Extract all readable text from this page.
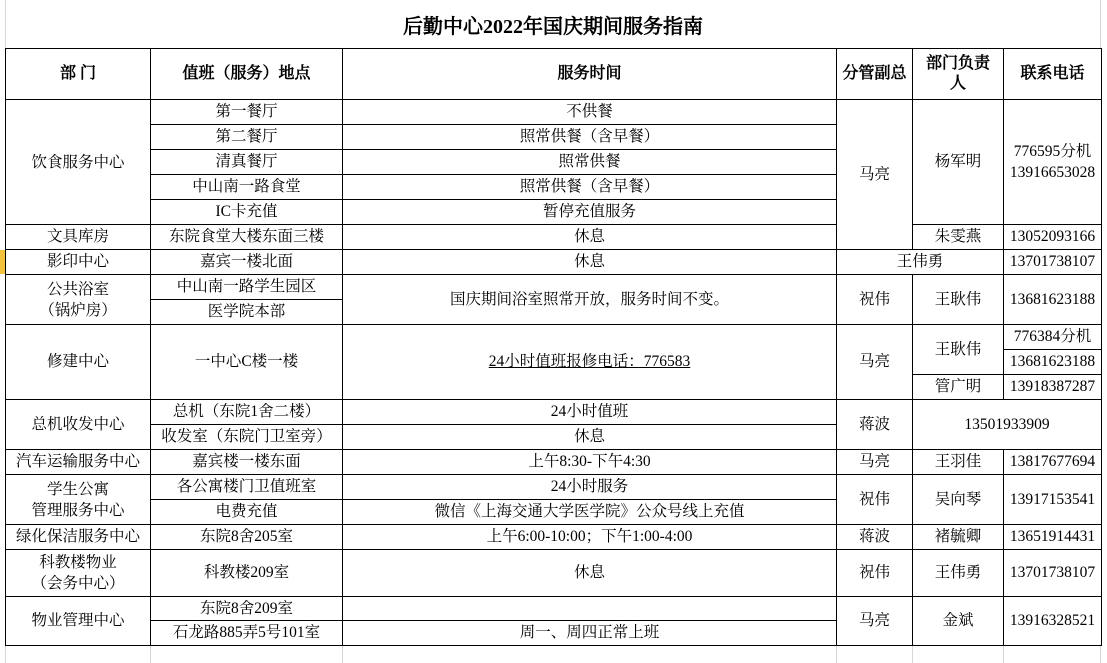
后勤中心2022年国庆期间服务指南
部 门	值班（服务）地点	服务时间	分管副总	部门负责人	联系电话
饮食服务中心	第一餐厅	不供餐	马亮	杨军明	776595分机
13916653028

	第二餐厅	照常供餐（含早餐）			
	清真餐厅	照常供餐			
	中山南一路食堂	照常供餐（含早餐）			
	IC卡充值	暂停充值服务			
文具库房	东院食堂大楼东面三楼	休息		朱雯燕	13052093166
影印中心	嘉宾一楼北面	休息	王伟勇		13701738107
公共浴室
（锅炉房）	中山南一路学生园区	国庆期间浴室照常开放，服务时间不变。	祝伟	王耿伟	13681623188
	医学院本部				
修建中心	一中心C楼一楼	24小时值班报修电话：776583	马亮	王耿伟	776384分机
					13681623188
				管广明	13918387287
总机收发中心	总机（东院1舍二楼）	24小时值班	蒋波	13501933909	
	收发室（东院门卫室旁）	休息			
汽车运输服务中心	嘉宾楼一楼东面	上午8:30-下午4:30	马亮	王羽佳	13817677694
学生公寓
管理服务中心	各公寓楼门卫值班室	24小时服务	祝伟	吴向琴	13917153541
	电费充值	微信《上海交通大学医学院》公众号线上充值			
绿化保洁服务中心	东院8舍205室	上午6:00-10:00；下午1:00-4:00	蒋波	褚毓卿	13651914431
科教楼物业
（会务中心）	科教楼209室	休息	祝伟	王伟勇	13701738107
物业管理中心	东院8舍209室		马亮	金斌	13916328521
	石龙路885弄5号101室	周一、周四正常上班			
